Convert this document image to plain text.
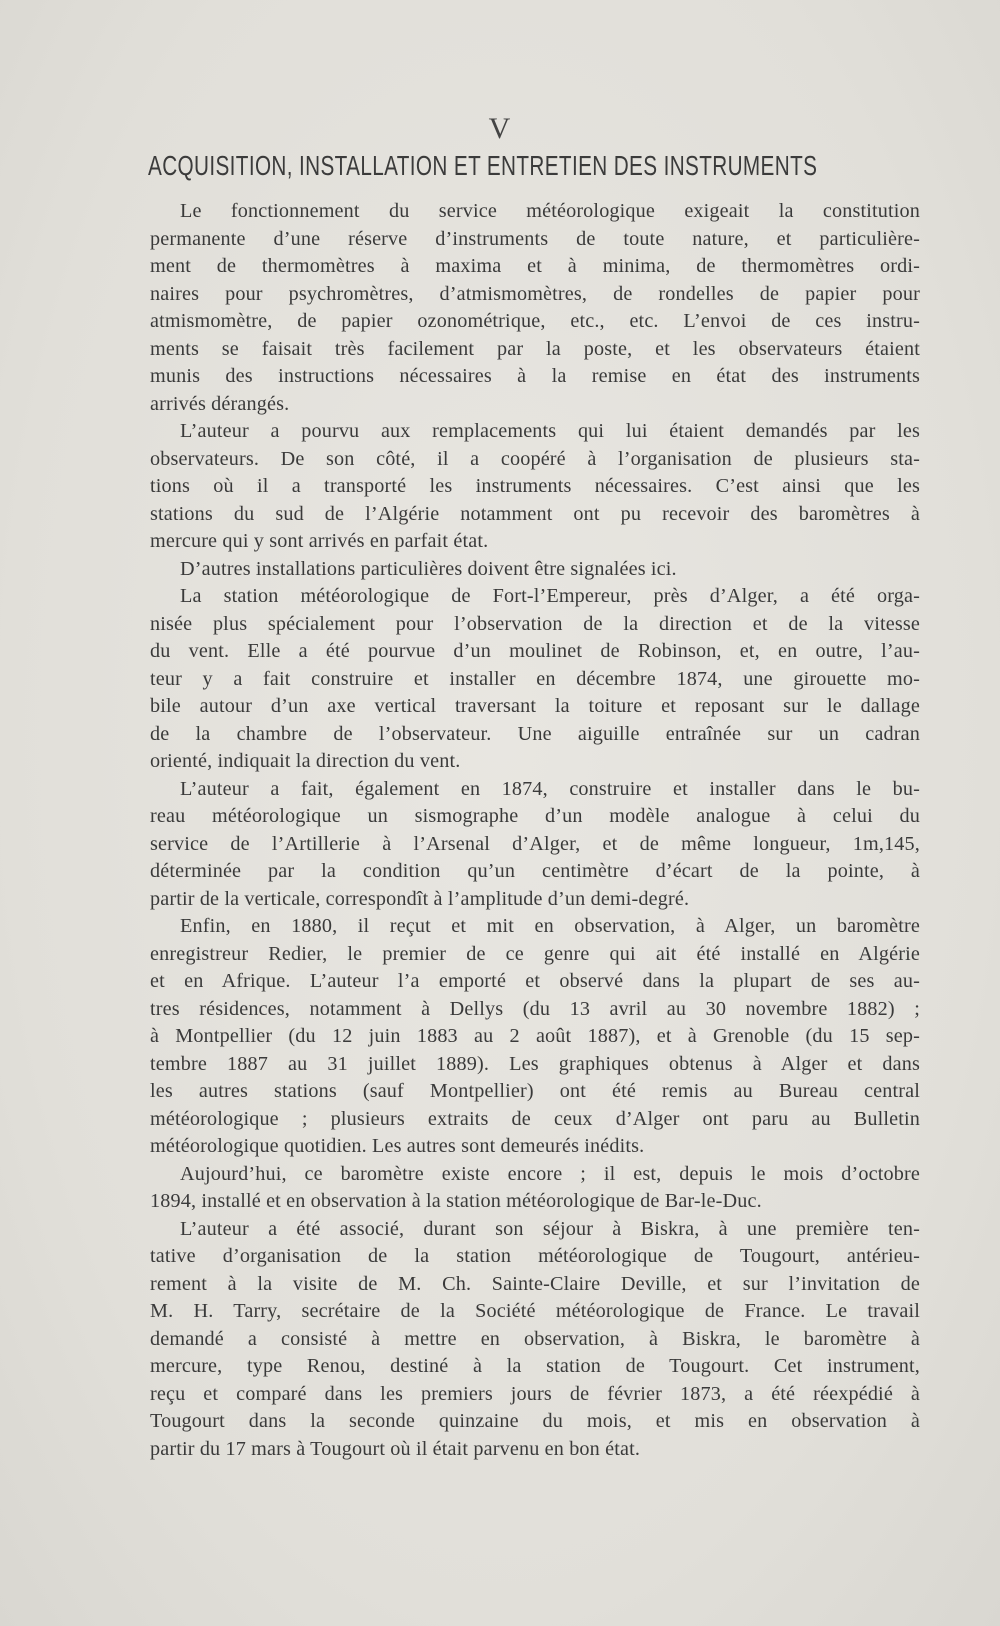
V
ACQUISITION, INSTALLATION ET ENTRETIEN DES INSTRUMENTS
Le fonctionnement du service météorologique exigeait la constitution
permanente d’une réserve d’instruments de toute nature, et particulière-
ment de thermomètres à maxima et à minima, de thermomètres ordi-
naires pour psychromètres, d’atmismomètres, de rondelles de papier pour
atmismomètre, de papier ozonométrique, etc., etc. L’envoi de ces instru-
ments se faisait très facilement par la poste, et les observateurs étaient
munis des instructions nécessaires à la remise en état des instruments
arrivés dérangés.
L’auteur a pourvu aux remplacements qui lui étaient demandés par les
observateurs. De son côté, il a coopéré à l’organisation de plusieurs sta-
tions où il a transporté les instruments nécessaires. C’est ainsi que les
stations du sud de l’Algérie notamment ont pu recevoir des baromètres à
mercure qui y sont arrivés en parfait état.
D’autres installations particulières doivent être signalées ici.
La station météorologique de Fort-l’Empereur, près d’Alger, a été orga-
nisée plus spécialement pour l’observation de la direction et de la vitesse
du vent. Elle a été pourvue d’un moulinet de Robinson, et, en outre, l’au-
teur y a fait construire et installer en décembre 1874, une girouette mo-
bile autour d’un axe vertical traversant la toiture et reposant sur le dallage
de la chambre de l’observateur. Une aiguille entraînée sur un cadran
orienté, indiquait la direction du vent.
L’auteur a fait, également en 1874, construire et installer dans le bu-
reau météorologique un sismographe d’un modèle analogue à celui du
service de l’Artillerie à l’Arsenal d’Alger, et de même longueur, 1m,145,
déterminée par la condition qu’un centimètre d’écart de la pointe, à
partir de la verticale, correspondît à l’amplitude d’un demi-degré.
Enfin, en 1880, il reçut et mit en observation, à Alger, un baromètre
enregistreur Redier, le premier de ce genre qui ait été installé en Algérie
et en Afrique. L’auteur l’a emporté et observé dans la plupart de ses au-
tres résidences, notamment à Dellys (du 13 avril au 30 novembre 1882) ;
à Montpellier (du 12 juin 1883 au 2 août 1887), et à Grenoble (du 15 sep-
tembre 1887 au 31 juillet 1889). Les graphiques obtenus à Alger et dans
les autres stations (sauf Montpellier) ont été remis au Bureau central
météorologique ; plusieurs extraits de ceux d’Alger ont paru au Bulletin
météorologique quotidien. Les autres sont demeurés inédits.
Aujourd’hui, ce baromètre existe encore ; il est, depuis le mois d’octobre
1894, installé et en observation à la station météorologique de Bar-le-Duc.
L’auteur a été associé, durant son séjour à Biskra, à une première ten-
tative d’organisation de la station météorologique de Tougourt, antérieu-
rement à la visite de M. Ch. Sainte-Claire Deville, et sur l’invitation de
M. H. Tarry, secrétaire de la Société météorologique de France. Le travail
demandé a consisté à mettre en observation, à Biskra, le baromètre à
mercure, type Renou, destiné à la station de Tougourt. Cet instrument,
reçu et comparé dans les premiers jours de février 1873, a été réexpédié à
Tougourt dans la seconde quinzaine du mois, et mis en observation à
partir du 17 mars à Tougourt où il était parvenu en bon état.
